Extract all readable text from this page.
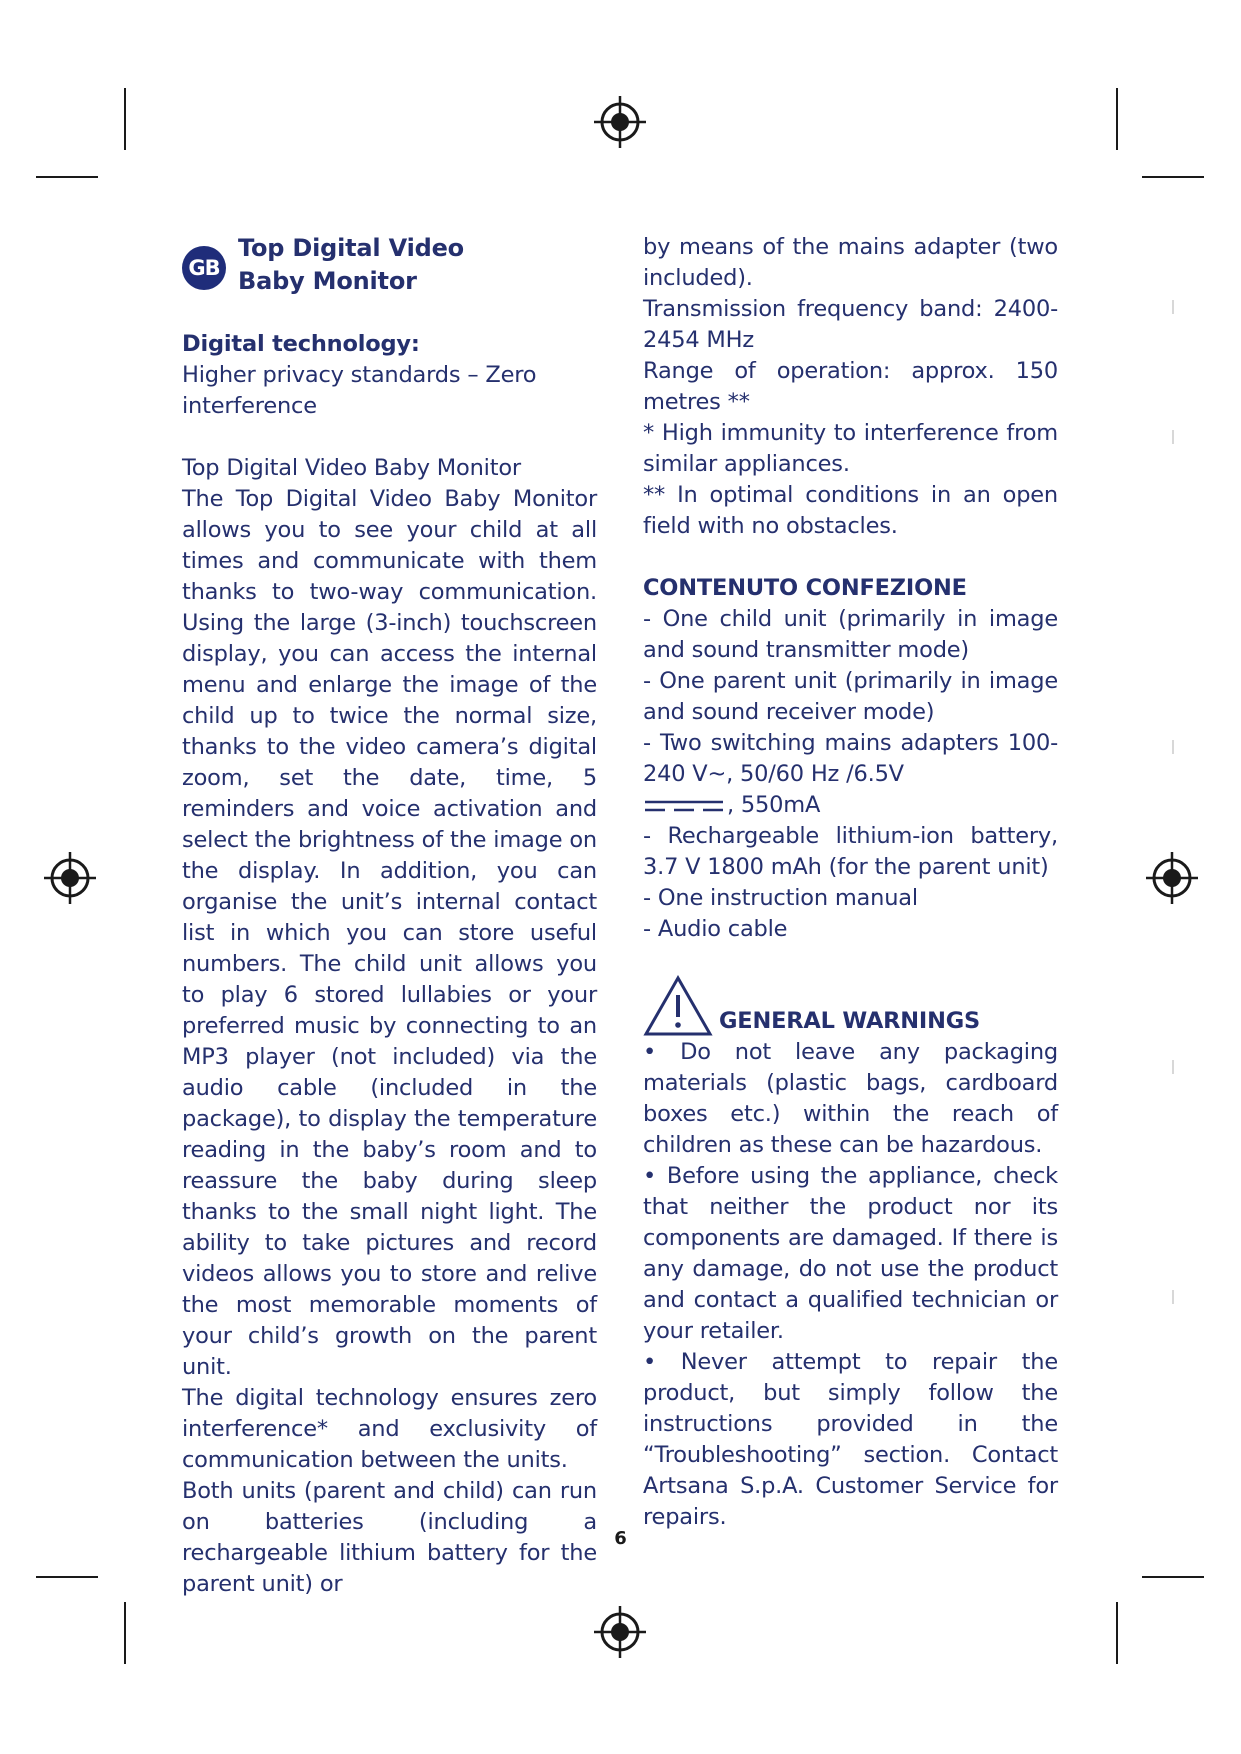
GB
Top Digital Video
Baby Monitor

Digital technology:

Higher privacy standards – Zero interference

Top Digital Video Baby Monitor

The Top Digital Video Baby Monitor allows you to see your child at all times and communicate with them thanks to two-way communication. Using the large (3-inch) touchscreen display, you can access the internal menu and enlarge the image of the child up to twice the normal size, thanks to the video camera’s digital zoom, set the date, time, 5 reminders and voice activation and select the brightness of the image on the display. In addition, you can organise the unit’s internal contact list in which you can store useful numbers. The child unit allows you to play 6 stored lullabies or your preferred music by connecting to an MP3 player (not included) via the audio cable (included in the package), to display the temperature reading in the baby’s room and to reassure the baby during sleep thanks to the small night light. The ability to take pictures and record videos allows you to store and relive the most memorable moments of your child’s growth on the parent unit.

The digital technology ensures zero interference* and exclusivity of communication between the units.

Both units (parent and child) can run on batteries (including a rechargeable lithium battery for the parent unit) or

by means of the mains adapter (two included).

Transmission frequency band: 2400-2454 MHz

Range of operation: approx. 150 metres **

* High immunity to interference from similar appliances.

** In optimal conditions in an open field with no obstacles.

CONTENUTO CONFEZIONE

- One child unit (primarily in image and sound transmitter mode)

- One parent unit (primarily in image and sound receiver mode)

- Two switching mains adapters 100-240 V~, 50/60 Hz /6.5V

, 550mA

- Rechargeable lithium-ion battery, 3.7 V 1800 mAh (for the parent unit)

- One instruction manual

- Audio cable

GENERAL WARNINGS

• Do not leave any packaging materials (plastic bags, cardboard boxes etc.) within the reach of children as these can be hazardous.

• Before using the appliance, check that neither the product nor its components are damaged. If there is any damage, do not use the product and contact a qualified technician or your retailer.

• Never attempt to repair the product, but simply follow the instructions provided in the “Troubleshooting” section. Contact Artsana S.p.A. Customer Service for repairs.

6
